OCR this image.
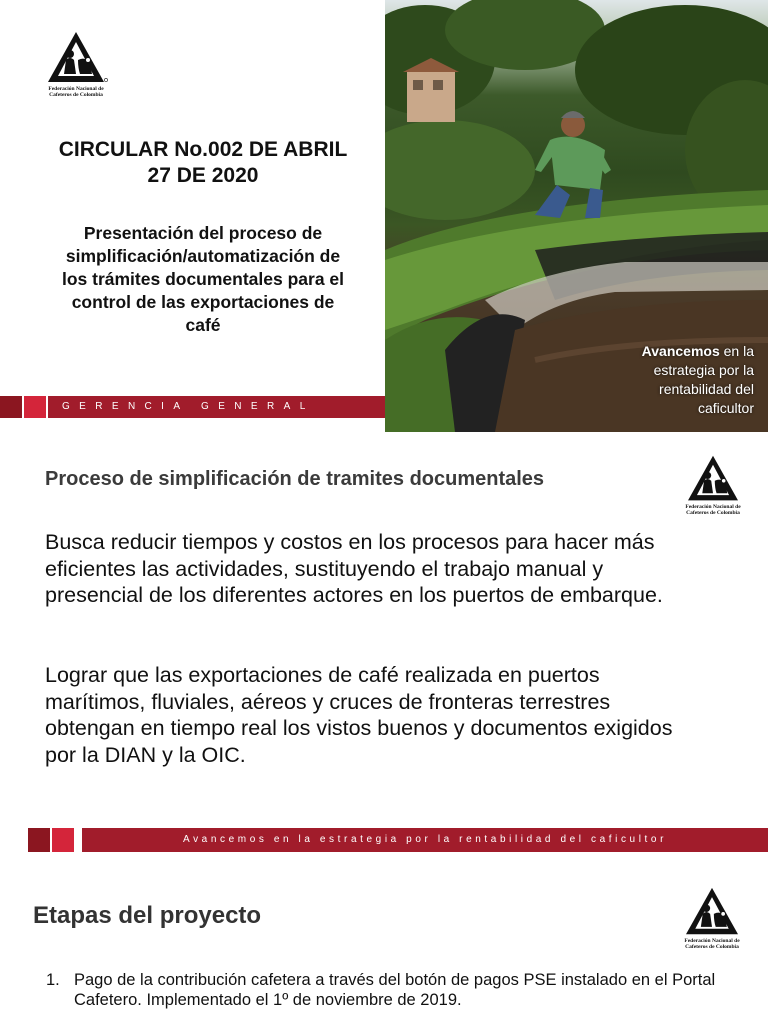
Federación Nacional de
Cafeteros de Colombia
CIRCULAR No.002 DE ABRIL
27 DE 2020
Presentación del proceso de
simplificación/automatización de
los trámites documentales para el
control de las exportaciones de
café
GERENCIA GENERAL
Avancemos en la
estrategia por la
rentabilidad del
caficultor
Proceso de simplificación de tramites documentales
Federación Nacional de
Cafeteros de Colombia

Busca reducir tiempos y costos en los procesos para hacer más eficientes las actividades, sustituyendo el trabajo manual y presencial de los diferentes actores en los puertos de embarque.

Lograr que las exportaciones de café realizada en puertos marítimos, fluviales, aéreos y cruces de fronteras terrestres obtengan en tiempo real los vistos buenos y documentos exigidos por la DIAN y la OIC.

Avancemos en la estrategia por la rentabilidad del caficultor
Etapas del proyecto
Federación Nacional de
Cafeteros de Colombia
1. Pago de la contribución cafetera a través del botón de pagos PSE instalado en el Portal Cafetero. Implementado el 1º de noviembre de 2019.
